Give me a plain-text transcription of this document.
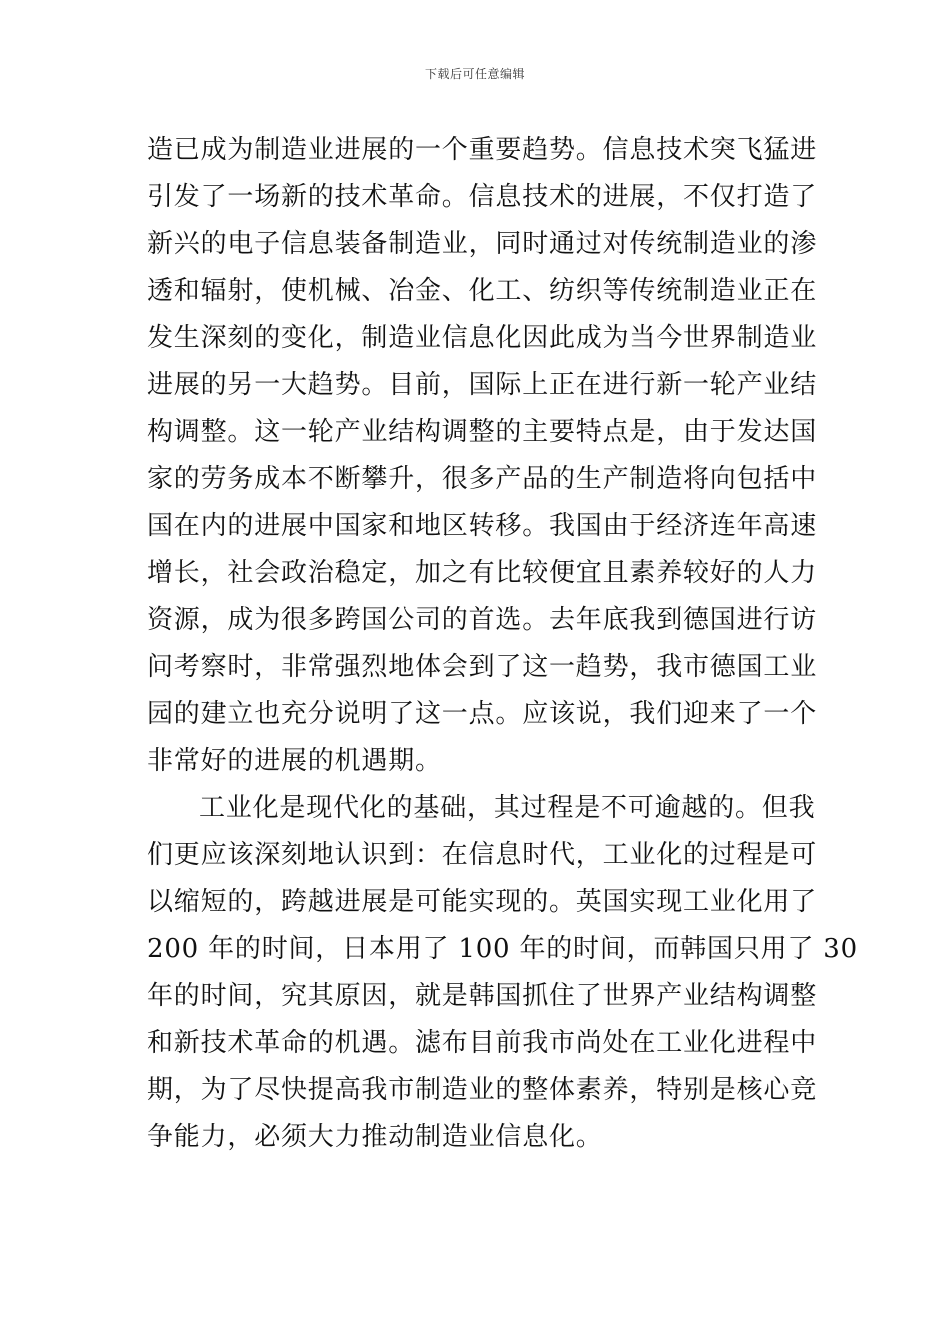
下载后可任意编辑
造已成为制造业进展的一个重要趋势。信息技术突飞猛进
引发了一场新的技术革命。信息技术的进展，不仅打造了
新兴的电子信息装备制造业，同时通过对传统制造业的渗
透和辐射，使机械、冶金、化工、纺织等传统制造业正在
发生深刻的变化，制造业信息化因此成为当今世界制造业
进展的另一大趋势。目前，国际上正在进行新一轮产业结
构调整。这一轮产业结构调整的主要特点是，由于发达国
家的劳务成本不断攀升，很多产品的生产制造将向包括中
国在内的进展中国家和地区转移。我国由于经济连年高速
增长，社会政治稳定，加之有比较便宜且素养较好的人力
资源，成为很多跨国公司的首选。去年底我到德国进行访
问考察时，非常强烈地体会到了这一趋势，我市德国工业
园的建立也充分说明了这一点。应该说，我们迎来了一个
非常好的进展的机遇期。
工业化是现代化的基础，其过程是不可逾越的。但我
们更应该深刻地认识到：在信息时代，工业化的过程是可
以缩短的，跨越进展是可能实现的。英国实现工业化用了
200 年的时间，日本用了 100 年的时间，而韩国只用了 30
年的时间，究其原因，就是韩国抓住了世界产业结构调整
和新技术革命的机遇。滤布目前我市尚处在工业化进程中
期，为了尽快提高我市制造业的整体素养，特别是核心竞
争能力，必须大力推动制造业信息化。
